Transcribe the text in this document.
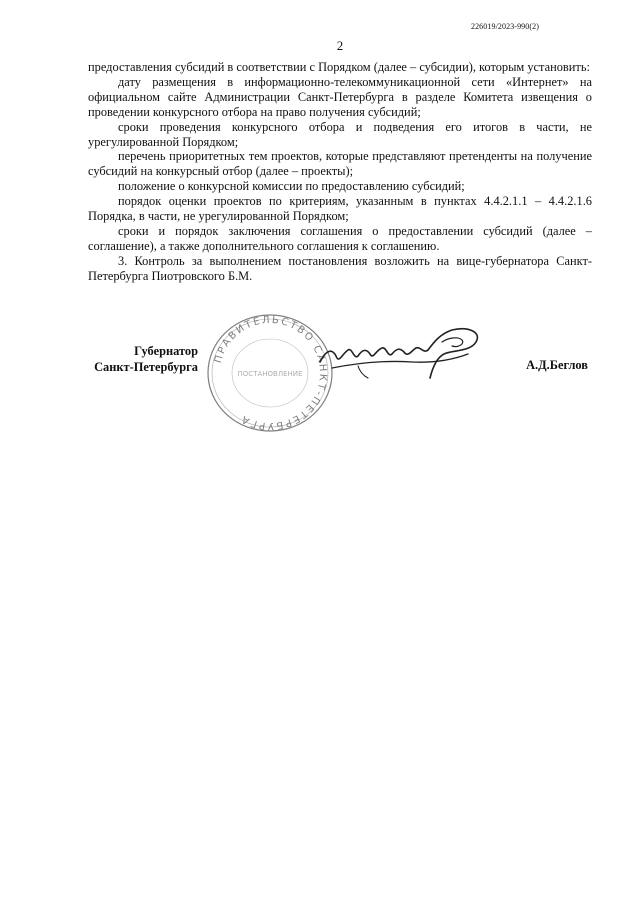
226019/2023-990(2)
2

предоставления субсидий в соответствии с Порядком (далее – субсидии), которым установить:

дату размещения в информационно-телекоммуникационной сети «Интернет» на официальном сайте Администрации Санкт-Петербурга в разделе Комитета извещения о проведении конкурсного отбора на право получения субсидий;

сроки проведения конкурсного отбора и подведения его итогов в части, не урегулированной Порядком;

перечень приоритетных тем проектов, которые представляют претенденты на получение субсидий на конкурсный отбор (далее – проекты);

положение о конкурсной комиссии по предоставлению субсидий;

порядок оценки проектов по критериям, указанным в пунктах 4.4.2.1.1 – 4.4.2.1.6 Порядка, в части, не урегулированной Порядком;

сроки и порядок заключения соглашения о предоставлении субсидий (далее – соглашение), а также дополнительного соглашения к соглашению.

3. Контроль за выполнением постановления возложить на вице-губернатора Санкт-Петербурга Пиотровского Б.М.

ПРАВИТЕЛЬСТВО САНКТ-ПЕТЕРБУРГА
ПОСТАНОВЛЕНИЕ
Губернатор
Санкт-Петербурга	А.Д.Беглов
